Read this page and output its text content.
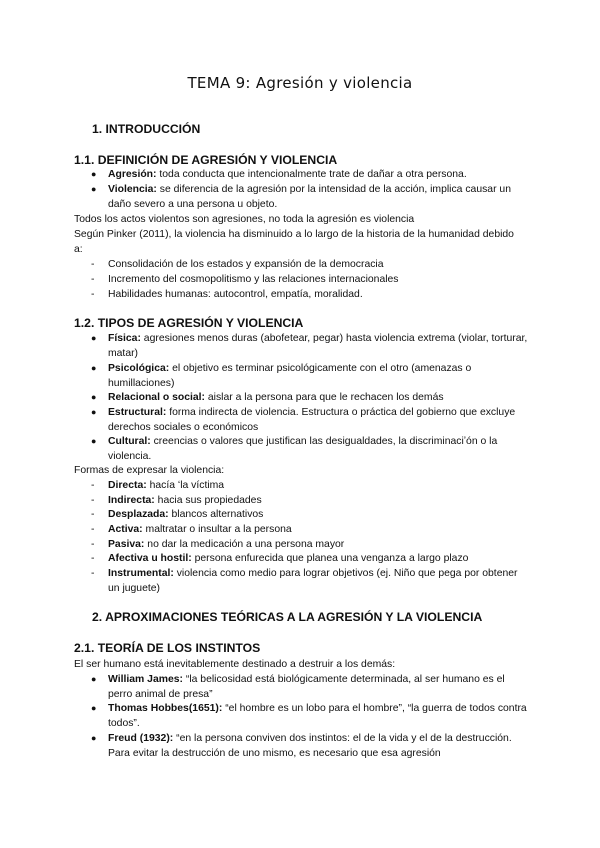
TEMA 9: Agresión y violencia
1. INTRODUCCIÓN
1.1. DEFINICIÓN DE AGRESIÓN Y VIOLENCIA
●	Agresión: toda conducta que intencionalmente trate de dañar a otra persona.
●	Violencia: se diferencia de la agresión por la intensidad de la acción, implica causar un daño severo a una persona u objeto.
Todos los actos violentos son agresiones, no toda la agresión es violencia
Según Pinker (2011), la violencia ha disminuido a lo largo de la historia de la humanidad debido a:
-	Consolidación de los estados y expansión de la democracia
-	Incremento del cosmopolitismo y las relaciones internacionales
-	Habilidades humanas: autocontrol, empatía, moralidad.
1.2. TIPOS DE AGRESIÓN Y VIOLENCIA
●	Física: agresiones menos duras (abofetear, pegar) hasta violencia extrema (violar, torturar, matar)
●	Psicológica: el objetivo es terminar psicológicamente con el otro (amenazas o humillaciones)
●	Relacional o social: aislar a la persona para que le rechacen los demás
●	Estructural: forma indirecta de violencia. Estructura o práctica del gobierno que excluye derechos sociales o económicos
●	Cultural: creencias o valores que justifican las desigualdades, la discriminaciʼón o la violencia.
Formas de expresar la violencia:
-	Directa: hacía ʻla víctima
-	Indirecta: hacia sus propiedades
-	Desplazada: blancos alternativos
-	Activa: maltratar o insultar a la persona
-	Pasiva: no dar la medicación a una persona mayor
-	Afectiva u hostil: persona enfurecida que planea una venganza a largo plazo
-	Instrumental: violencia como medio para lograr objetivos (ej. Niño que pega por obtener un juguete)
2. APROXIMACIONES TEÓRICAS A LA AGRESIÓN Y LA VIOLENCIA
2.1. TEORÍA DE LOS INSTINTOS
El ser humano está inevitablemente destinado a destruir a los demás:
●	William James: “la belicosidad está biológicamente determinada, al ser humano es el perro animal de presa”
●	Thomas Hobbes(1651): “el hombre es un lobo para el hombre”, “la guerra de todos contra todos”.
●	Freud (1932): “en la persona conviven dos instintos: el de la vida y el de la destrucción. Para evitar la destrucción de uno mismo, es necesario que esa agresión
